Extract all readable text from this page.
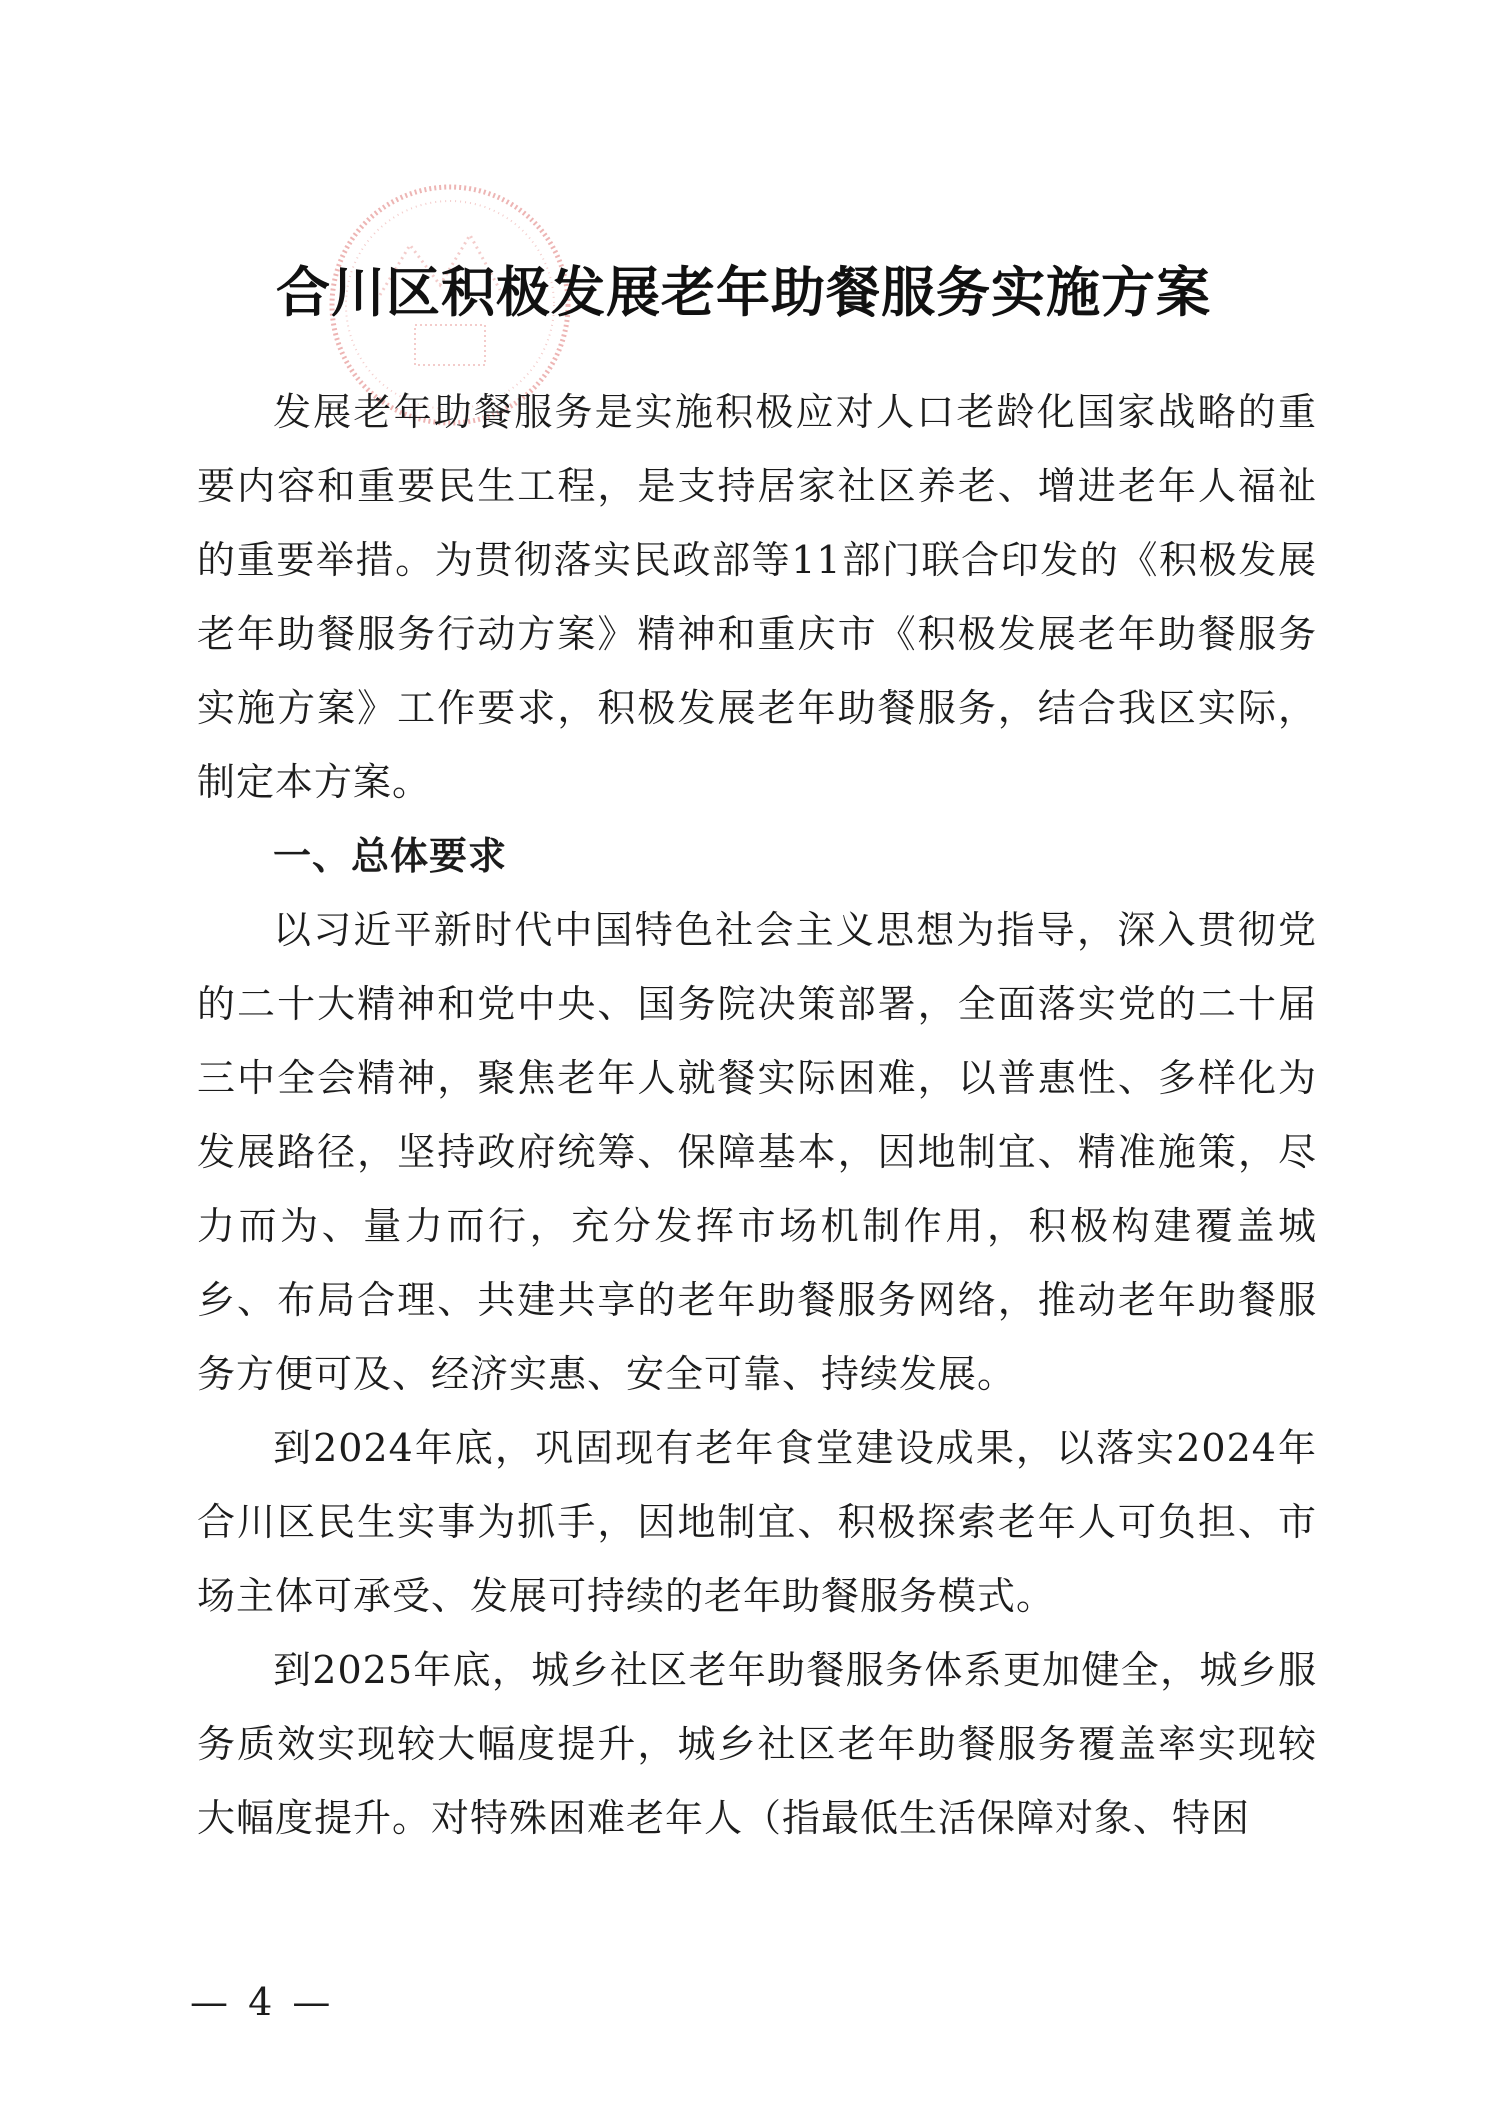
合川区积极发展老年助餐服务实施方案

发展老年助餐服务是实施积极应对人口老龄化国家战略的重要内容和重要民生工程，是支持居家社区养老、增进老年人福祉的重要举措。为贯彻落实民政部等11部门联合印发的《积极发展老年助餐服务行动方案》精神和重庆市《积极发展老年助餐服务实施方案》工作要求，积极发展老年助餐服务，结合我区实际，制定本方案。

一、总体要求

以习近平新时代中国特色社会主义思想为指导，深入贯彻党的二十大精神和党中央、国务院决策部署，全面落实党的二十届三中全会精神，聚焦老年人就餐实际困难，以普惠性、多样化为发展路径，坚持政府统筹、保障基本，因地制宜、精准施策，尽力而为、量力而行，充分发挥市场机制作用，积极构建覆盖城乡、布局合理、共建共享的老年助餐服务网络，推动老年助餐服务方便可及、经济实惠、安全可靠、持续发展。

到2024年底，巩固现有老年食堂建设成果，以落实2024年合川区民生实事为抓手，因地制宜、积极探索老年人可负担、市场主体可承受、发展可持续的老年助餐服务模式。

到2025年底，城乡社区老年助餐服务体系更加健全，城乡服务质效实现较大幅度提升，城乡社区老年助餐服务覆盖率实现较大幅度提升。对特殊困难老年人（指最低生活保障对象、特困

— 4 —
